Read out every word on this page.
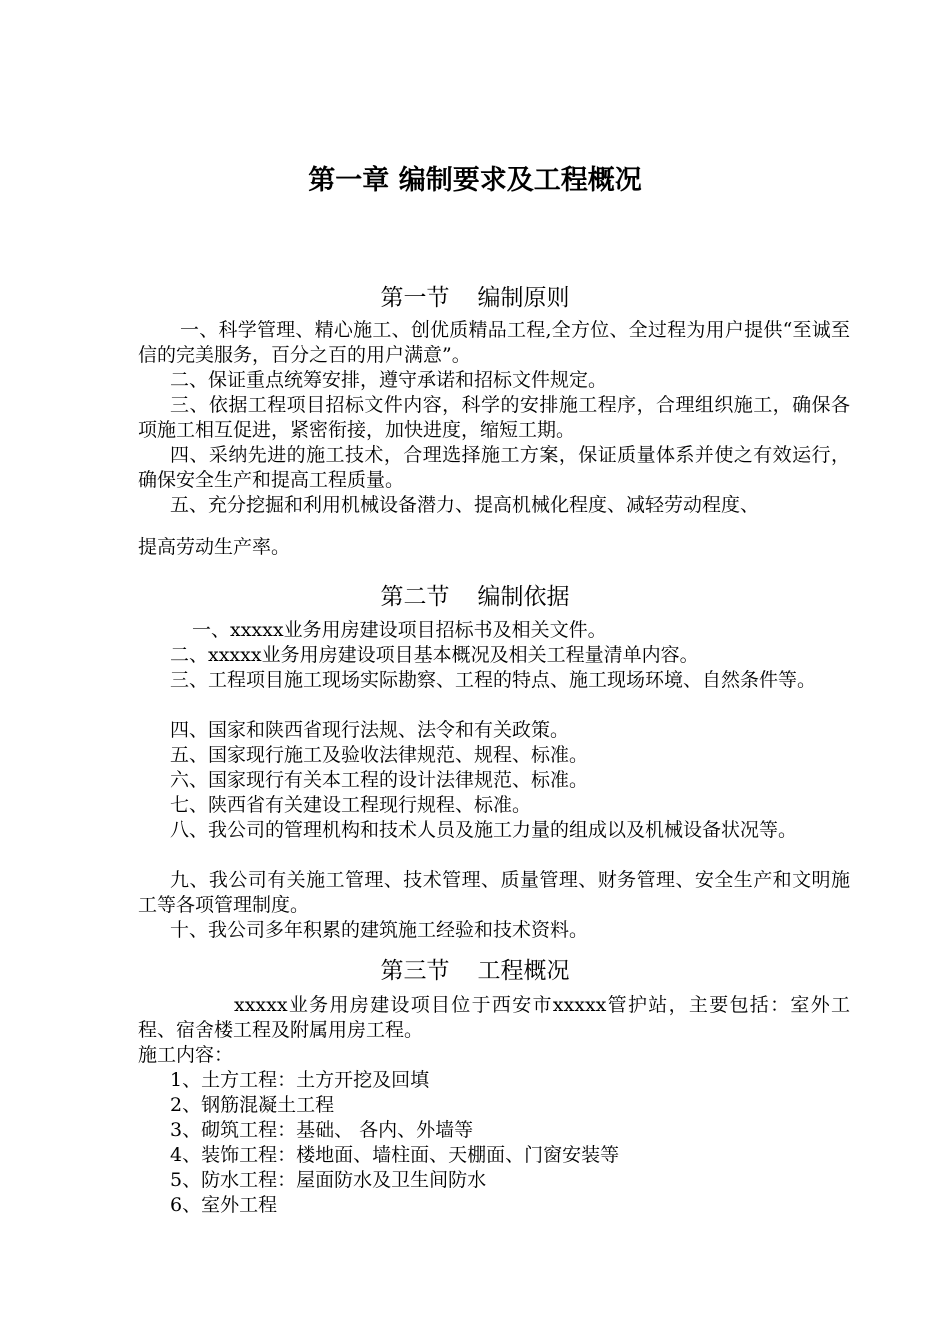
第一章 编制要求及工程概况
第一节 编制原则

一、科学管理、精心施工、创优质精品工程,全方位、全过程为用户提供“至诚至信的完美服务，百分之百的用户满意”。

二、保证重点统筹安排，遵守承诺和招标文件规定。

三、依据工程项目招标文件内容，科学的安排施工程序，合理组织施工，确保各项施工相互促进，紧密衔接，加快进度，缩短工期。

四、采纳先进的施工技术，合理选择施工方案，保证质量体系并使之有效运行，确保安全生产和提高工程质量。

五、充分挖掘和利用机械设备潜力、提高机械化程度、减轻劳动程度、

提高劳动生产率。

第二节 编制依据

一、xxxxx业务用房建设项目招标书及相关文件。

二、xxxxx业务用房建设项目基本概况及相关工程量清单内容。

三、工程项目施工现场实际勘察、工程的特点、施工现场环境、自然条件等。

四、国家和陕西省现行法规、法令和有关政策。

五、国家现行施工及验收法律规范、规程、标准。

六、国家现行有关本工程的设计法律规范、标准。

七、陕西省有关建设工程现行规程、标准。

八、我公司的管理机构和技术人员及施工力量的组成以及机械设备状况等。

九、我公司有关施工管理、技术管理、质量管理、财务管理、安全生产和文明施工等各项管理制度。

十、我公司多年积累的建筑施工经验和技术资料。

第三节 工程概况

xxxxx业务用房建设项目位于西安市xxxxx管护站，主要包括：室外工程、宿舍楼工程及附属用房工程。

施工内容：

1、土方工程：土方开挖及回填

2、钢筋混凝土工程

3、砌筑工程：基础、 各内、外墙等

4、装饰工程：楼地面、墙柱面、天棚面、门窗安装等

5、防水工程：屋面防水及卫生间防水

6、室外工程
